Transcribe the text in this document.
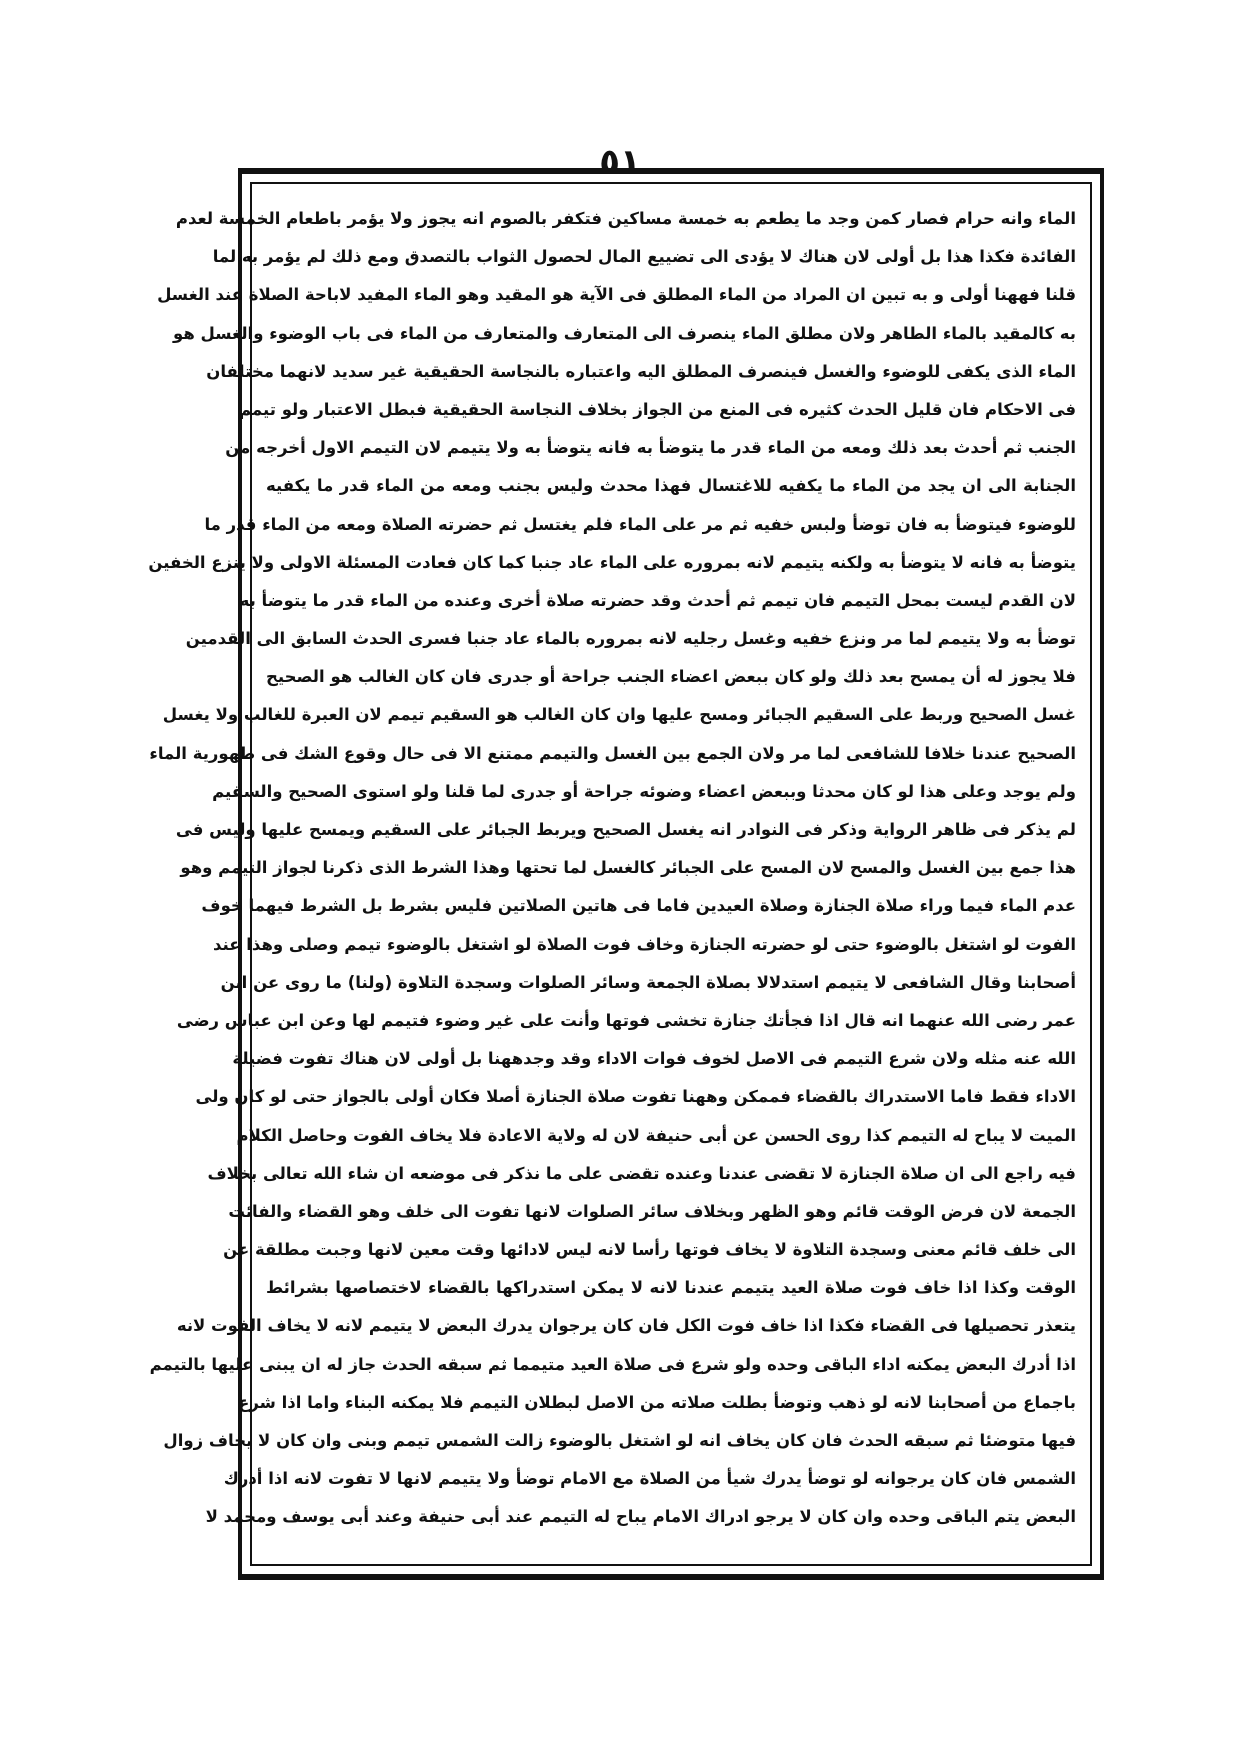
٥١
الماء وانه حرام فصار كمن وجد ما يطعم به خمسة مساكين فتكفر بالصوم انه يجوز ولا يؤمر باطعام الخمسة لعدم
الفائدة فكذا هذا بل أولى لان هناك لا يؤدى الى تضييع المال لحصول الثواب بالتصدق ومع ذلك لم يؤمر به لما
قلنا فههنا أولى و به تبين ان المراد من الماء المطلق فى الآية هو المقيد وهو الماء المفيد لاباحة الصلاة عند الغسل
به كالمقيد بالماء الطاهر ولان مطلق الماء ينصرف الى المتعارف والمتعارف من الماء فى باب الوضوء والغسل هو
الماء الذى يكفى للوضوء والغسل فينصرف المطلق اليه واعتباره بالنجاسة الحقيقية غير سديد لانهما مختلفان
فى الاحكام فان قليل الحدث كثيره فى المنع من الجواز بخلاف النجاسة الحقيقية فبطل الاعتبار ولو تيمم
الجنب ثم أحدث بعد ذلك ومعه من الماء قدر ما يتوضأ به فانه يتوضأ به ولا يتيمم لان التيمم الاول أخرجه من
الجنابة الى ان يجد من الماء ما يكفيه للاغتسال فهذا محدث وليس بجنب ومعه من الماء قدر ما يكفيه
للوضوء فيتوضأ به فان توضأ ولبس خفيه ثم مر على الماء فلم يغتسل ثم حضرته الصلاة ومعه من الماء قدر ما
يتوضأ به فانه لا يتوضأ به ولكنه يتيمم لانه بمروره على الماء عاد جنبا كما كان فعادت المسئلة الاولى ولا ينزع الخفين
لان القدم ليست بمحل التيمم فان تيمم ثم أحدث وقد حضرته صلاة أخرى وعنده من الماء قدر ما يتوضأ به
توضأ به ولا يتيمم لما مر ونزع خفيه وغسل رجليه لانه بمروره بالماء عاد جنبا فسرى الحدث السابق الى القدمين
فلا يجوز له أن يمسح بعد ذلك ولو كان ببعض اعضاء الجنب جراحة أو جدرى فان كان الغالب هو الصحيح
غسل الصحيح وربط على السقيم الجبائر ومسح عليها وان كان الغالب هو السقيم تيمم لان العبرة للغالب ولا يغسل
الصحيح عندنا خلافا للشافعى لما مر ولان الجمع بين الغسل والتيمم ممتنع الا فى حال وقوع الشك فى طهورية الماء
ولم يوجد وعلى هذا لو كان محدثا وببعض اعضاء وضوئه جراحة أو جدرى لما قلنا ولو استوى الصحيح والسقيم
لم يذكر فى ظاهر الرواية وذكر فى النوادر انه يغسل الصحيح ويربط الجبائر على السقيم ويمسح عليها وليس فى
هذا جمع بين الغسل والمسح لان المسح على الجبائر كالغسل لما تحتها وهذا الشرط الذى ذكرنا لجواز التيمم وهو
عدم الماء فيما وراء صلاة الجنازة وصلاة العيدين فاما فى هاتين الصلاتين فليس بشرط بل الشرط فيهما خوف
الفوت لو اشتغل بالوضوء حتى لو حضرته الجنازة وخاف فوت الصلاة لو اشتغل بالوضوء تيمم وصلى وهذا عند
أصحابنا وقال الشافعى لا يتيمم استدلالا بصلاة الجمعة وسائر الصلوات وسجدة التلاوة (ولنا) ما روى عن ابن
عمر رضى الله عنهما انه قال اذا فجأتك جنازة تخشى فوتها وأنت على غير وضوء فتيمم لها وعن ابن عباس رضى
الله عنه مثله ولان شرع التيمم فى الاصل لخوف فوات الاداء وقد وجدههنا بل أولى لان هناك تفوت فضيلة
الاداء فقط فاما الاستدراك بالقضاء فممكن وههنا تفوت صلاة الجنازة أصلا فكان أولى بالجواز حتى لو كان ولى
الميت لا يباح له التيمم كذا روى الحسن عن أبى حنيفة لان له ولاية الاعادة فلا يخاف الفوت وحاصل الكلام
فيه راجع الى ان صلاة الجنازة لا تقضى عندنا وعنده تقضى على ما نذكر فى موضعه ان شاء الله تعالى بخلاف
الجمعة لان فرض الوقت قائم وهو الظهر وبخلاف سائر الصلوات لانها تفوت الى خلف وهو القضاء والفائت
الى خلف قائم معنى وسجدة التلاوة لا يخاف فوتها رأسا لانه ليس لادائها وقت معين لانها وجبت مطلقة عن
الوقت وكذا اذا خاف فوت صلاة العيد يتيمم عندنا لانه لا يمكن استدراكها بالقضاء لاختصاصها بشرائط
يتعذر تحصيلها فى القضاء فكذا اذا خاف فوت الكل فان كان يرجوان يدرك البعض لا يتيمم لانه لا يخاف الفوت لانه
اذا أدرك البعض يمكنه اداء الباقى وحده ولو شرع فى صلاة العيد متيمما ثم سبقه الحدث جاز له ان يبنى عليها بالتيمم
باجماع من أصحابنا لانه لو ذهب وتوضأ بطلت صلاته من الاصل لبطلان التيمم فلا يمكنه البناء واما اذا شرع
فيها متوضئا ثم سبقه الحدث فان كان يخاف انه لو اشتغل بالوضوء زالت الشمس تيمم وبنى وان كان لا يخاف زوال
الشمس فان كان يرجوانه لو توضأ يدرك شيأ من الصلاة مع الامام توضأ ولا يتيمم لانها لا تفوت لانه اذا أدرك
البعض يتم الباقى وحده وان كان لا يرجو ادراك الامام يباح له التيمم عند أبى حنيفة وعند أبى يوسف ومحمد لا
